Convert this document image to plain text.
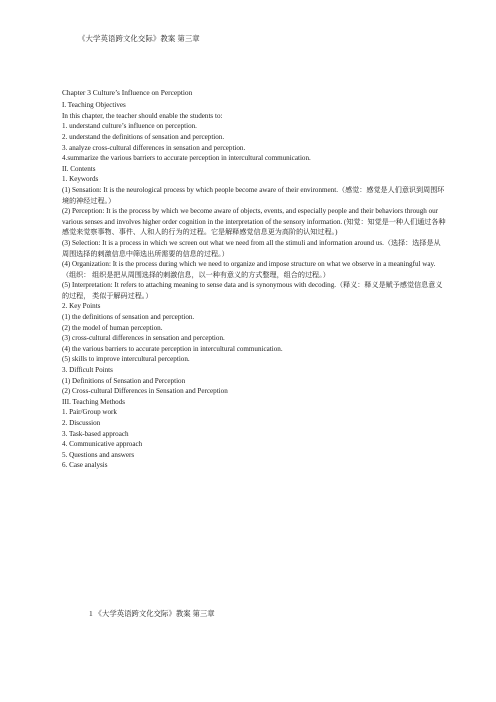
《大学英语跨文化交际》教案 第三章
Chapter 3 Culture’s Influence on Perception
I. Teaching Objectives
In this chapter, the teacher should enable the students to:
1. understand culture’s influence on perception.
2. understand the definitions of sensation and perception.
3. analyze cross-cultural differences in sensation and perception.
4.summarize the various barriers to accurate perception in intercultural communication.
II. Contents
1. Keywords
(1) Sensation: It is the neurological process by which people become aware of their environment.（感觉：感觉是人们意识到周围环境的神经过程。）
(2) Perception: It is the process by which we become aware of objects, events, and especially people and their behaviors through our various senses and involves higher order cognition in the interpretation of the sensory information. (知觉：知觉是一种人们通过各种感觉来觉察事物、事件、人和人的行为的过程。它是解释感觉信息更为高阶的认知过程。)
(3) Selection: It is a process in which we screen out what we need from all the stimuli and information around us.（选择：选择是从周围选择的刺激信息中筛选出所需要的信息的过程。）
(4) Organization: It is the process during which we need to organize and impose structure on what we observe in a meaningful way. （组织： 组织是把从周围选择的刺激信息，以一种有意义的方式整理，组合的过程。）
(5) Interpretation: It refers to attaching meaning to sense data and is synonymous with decoding.（释义：释义是赋予感觉信息意义的过程， 类似于解码过程。）
2. Key Points
(1) the definitions of sensation and perception.
(2) the model of human perception.
(3) cross-cultural differences in sensation and perception.
(4) the various barriers to accurate perception in intercultural communication.
(5) skills to improve intercultural perception.
3. Difficult Points
(1) Definitions of Sensation and Perception
(2) Cross-cultural Differences in Sensation and Perception
III. Teaching Methods
1. Pair/Group work
2. Discussion
3. Task-based approach
4. Communicative approach
5. Questions and answers
6. Case analysis
1 《大学英语跨文化交际》教案 第三章
